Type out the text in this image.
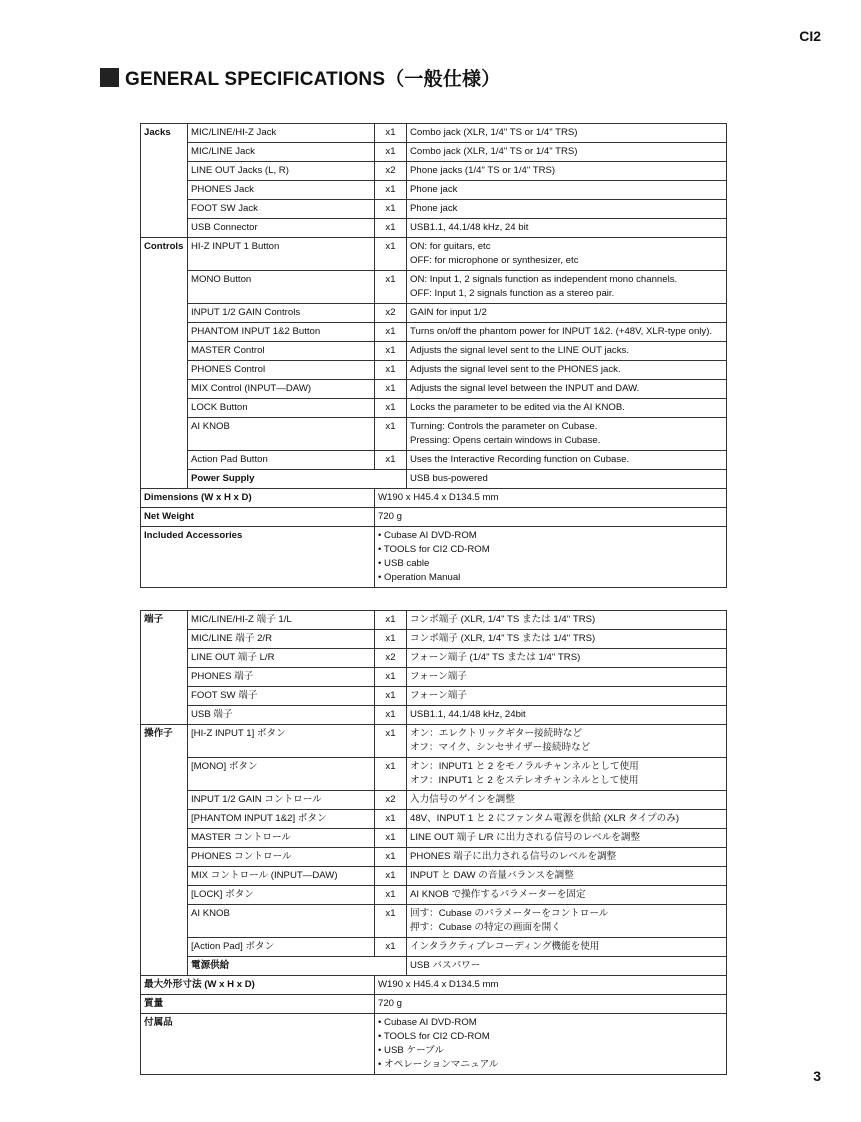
CI2
GENERAL SPECIFICATIONS（一般仕様）
Jacks	MIC/LINE/HI-Z Jack	x1	Combo jack (XLR, 1/4" TS or 1/4" TRS)

	MIC/LINE Jack	x1	Combo jack (XLR, 1/4" TS or 1/4" TRS)

	LINE OUT Jacks (L, R)	x2	Phone jacks (1/4" TS or 1/4" TRS)

	PHONES Jack	x1	Phone jack

	FOOT SW Jack	x1	Phone jack

	USB Connector	x1	USB1.1, 44.1/48 kHz, 24 bit

Controls	HI-Z INPUT 1 Button	x1	ON: for guitars, etc
OFF: for microphone or synthesizer, etc

	MONO Button	x1	ON: Input 1, 2 signals function as independent mono channels.
OFF: Input 1, 2 signals function as a stereo pair.

	INPUT 1/2 GAIN Controls	x2	GAIN for input 1/2

	PHANTOM INPUT 1&2 Button	x1	Turns on/off the phantom power for INPUT 1&2. (+48V, XLR-type only).

	MASTER Control	x1	Adjusts the signal level sent to the LINE OUT jacks.

	PHONES Control	x1	Adjusts the signal level sent to the PHONES jack.

	MIX Control (INPUT—DAW)	x1	Adjusts the signal level between the INPUT and DAW.

	LOCK Button	x1	Locks the parameter to be edited via the AI KNOB.

	AI KNOB	x1	Turning: Controls the parameter on Cubase.
Pressing: Opens certain windows in Cubase.

	Action Pad Button	x1	Uses the Interactive Recording function on Cubase.

	Power Supply		USB bus-powered

Dimensions (W x H x D)		W190 x H45.4 x D134.5 mm	

Net Weight		720 g	

Included Accessories		• Cubase AI DVD-ROM
• TOOLS for CI2 CD-ROM
• USB cable
• Operation Manual	
端子	MIC/LINE/HI-Z 端子 1/L	x1	コンボ端子 (XLR, 1/4" TS または 1/4" TRS)

	MIC/LINE 端子 2/R	x1	コンボ端子 (XLR, 1/4" TS または 1/4" TRS)

	LINE OUT 端子 L/R	x2	フォーン端子 (1/4" TS または 1/4" TRS)

	PHONES 端子	x1	フォーン端子

	FOOT SW 端子	x1	フォーン端子

	USB 端子	x1	USB1.1, 44.1/48 kHz, 24bit

操作子	[HI-Z INPUT 1] ボタン	x1	オン：エレクトリックギター接続時など
オフ：マイク、シンセサイザー接続時など

	[MONO] ボタン	x1	オン：INPUT1 と 2 をモノラルチャンネルとして使用
オフ：INPUT1 と 2 をステレオチャンネルとして使用

	INPUT 1/2 GAIN コントロール	x2	入力信号のゲインを調整

	[PHANTOM INPUT 1&2] ボタン	x1	48V、INPUT 1 と 2 にファンタム電源を供給 (XLR タイプのみ)

	MASTER コントロール	x1	LINE OUT 端子 L/R に出力される信号のレベルを調整

	PHONES コントロール	x1	PHONES 端子に出力される信号のレベルを調整

	MIX コントロール (INPUT—DAW)	x1	INPUT と DAW の音量バランスを調整

	[LOCK] ボタン	x1	AI KNOB で操作するパラメーターを固定

	AI KNOB	x1	回す：Cubase のパラメーターをコントロール
押す：Cubase の特定の画面を開く

	[Action Pad] ボタン	x1	インタラクティブレコーディング機能を使用

	電源供給		USB バスパワー

最大外形寸法 (W x H x D)		W190 x H45.4 x D134.5 mm	

質量		720 g	

付属品		• Cubase AI DVD-ROM
• TOOLS for CI2 CD-ROM
• USB ケーブル
• オペレーションマニュアル	
3
